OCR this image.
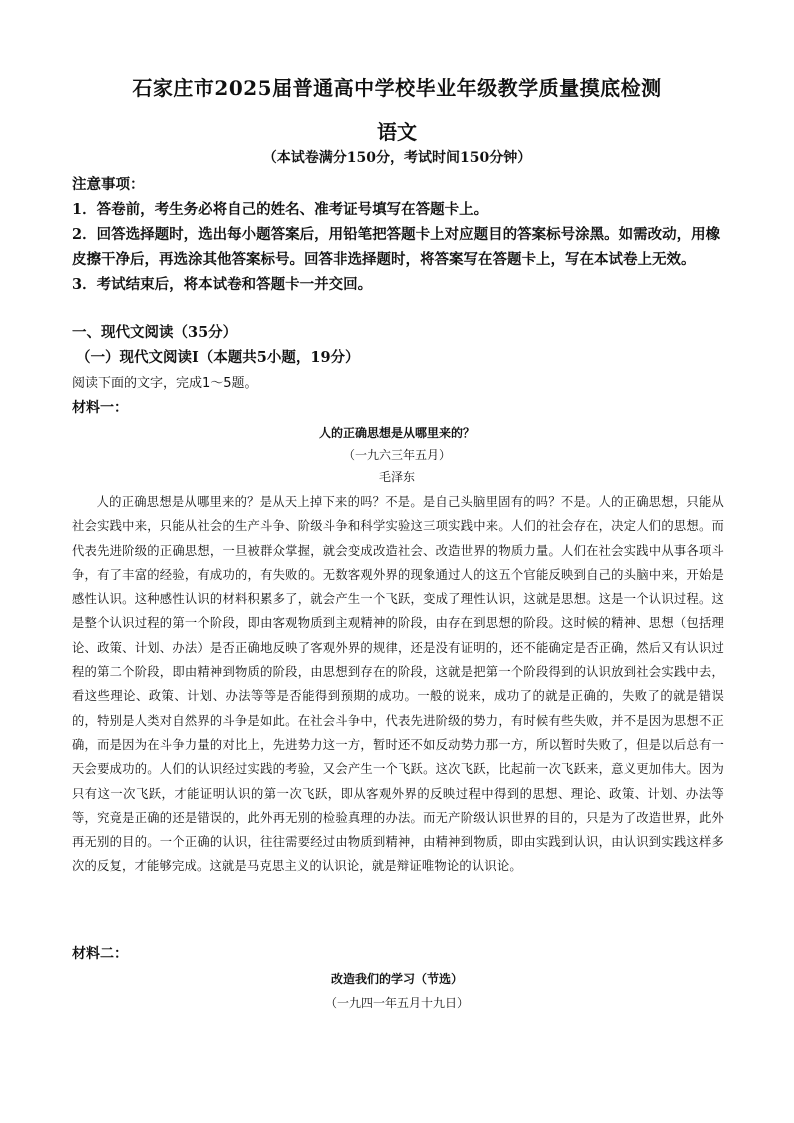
石家庄市2025届普通高中学校毕业年级教学质量摸底检测
语文
（本试卷满分150分，考试时间150分钟）

注意事项：

1．答卷前，考生务必将自己的姓名、准考证号填写在答题卡上。

2．回答选择题时，选出每小题答案后，用铅笔把答题卡上对应题目的答案标号涂黑。如需改动，用橡皮擦干净后，再选涂其他答案标号。回答非选择题时，将答案写在答题卡上，写在本试卷上无效。

3．考试结束后，将本试卷和答题卡一并交回。

一、现代文阅读（35分）
（一）现代文阅读Ⅰ（本题共5小题，19分）
阅读下面的文字，完成1～5题。
材料一：
人的正确思想是从哪里来的？
（一九六三年五月）
毛泽东

人的正确思想是从哪里来的？是从天上掉下来的吗？不是。是自己头脑里固有的吗？不是。人的正确思想，只能从社会实践中来，只能从社会的生产斗争、阶级斗争和科学实验这三项实践中来。人们的社会存在，决定人们的思想。而代表先进阶级的正确思想，一旦被群众掌握，就会变成改造社会、改造世界的物质力量。人们在社会实践中从事各项斗争，有了丰富的经验，有成功的，有失败的。无数客观外界的现象通过人的这五个官能反映到自己的头脑中来，开始是感性认识。这种感性认识的材料积累多了，就会产生一个飞跃，变成了理性认识，这就是思想。这是一个认识过程。这是整个认识过程的第一个阶段，即由客观物质到主观精神的阶段，由存在到思想的阶段。这时候的精神、思想（包括理论、政策、计划、办法）是否正确地反映了客观外界的规律，还是没有证明的，还不能确定是否正确，然后又有认识过程的第二个阶段，即由精神到物质的阶段，由思想到存在的阶段，这就是把第一个阶段得到的认识放到社会实践中去，看这些理论、政策、计划、办法等等是否能得到预期的成功。一般的说来，成功了的就是正确的，失败了的就是错误的，特别是人类对自然界的斗争是如此。在社会斗争中，代表先进阶级的势力，有时候有些失败，并不是因为思想不正确，而是因为在斗争力量的对比上，先进势力这一方，暂时还不如反动势力那一方，所以暂时失败了，但是以后总有一天会要成功的。人们的认识经过实践的考验，又会产生一个飞跃。这次飞跃，比起前一次飞跃来，意义更加伟大。因为只有这一次飞跃，才能证明认识的第一次飞跃，即从客观外界的反映过程中得到的思想、理论、政策、计划、办法等等，究竟是正确的还是错误的，此外再无别的检验真理的办法。而无产阶级认识世界的目的，只是为了改造世界，此外再无别的目的。一个正确的认识，往往需要经过由物质到精神，由精神到物质，即由实践到认识，由认识到实践这样多次的反复，才能够完成。这就是马克思主义的认识论，就是辩证唯物论的认识论。

材料二：
改造我们的学习（节选）
（一九四一年五月十九日）
